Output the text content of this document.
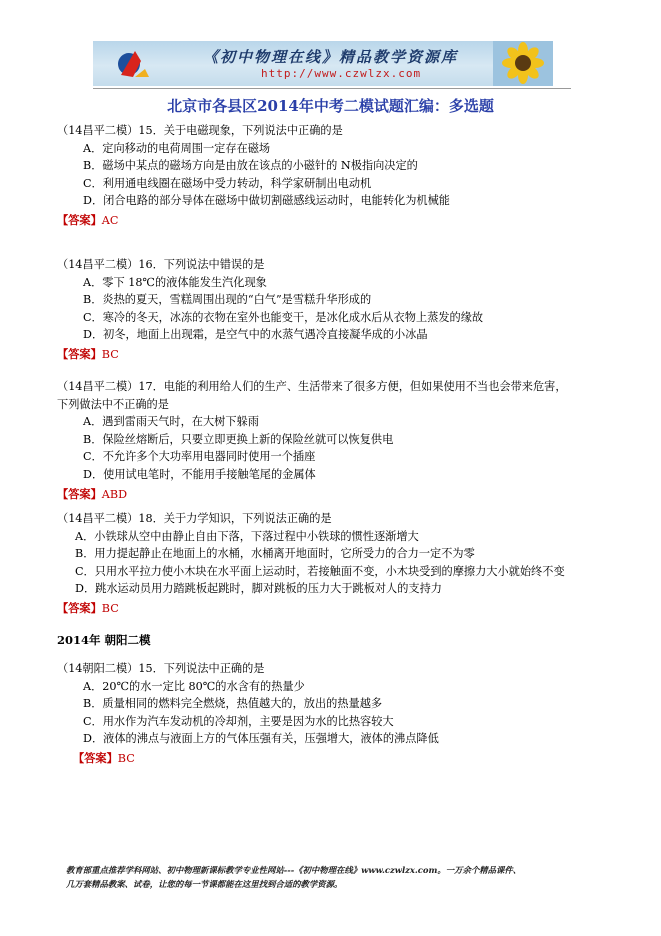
《初中物理在线》精品教学资源库
http://www.czwlzx.com
北京市各县区2014年中考二模试题汇编：多选题
（14昌平二模）15．关于电磁现象，下列说法中正确的是
A．定向移动的电荷周围一定存在磁场
B．磁场中某点的磁场方向是由放在该点的小磁针的 N极指向决定的
C．利用通电线圈在磁场中受力转动，科学家研制出电动机
D．闭合电路的部分导体在磁场中做切割磁感线运动时，电能转化为机械能
【答案】AC
（14昌平二模）16．下列说法中错误的是
A．零下 18℃的液体能发生汽化现象
B．炎热的夏天，雪糕周围出现的“白气”是雪糕升华形成的
C．寒冷的冬天，冰冻的衣物在室外也能变干，是冰化成水后从衣物上蒸发的缘故
D．初冬，地面上出现霜，是空气中的水蒸气遇冷直接凝华成的小冰晶
【答案】BC
（14昌平二模）17．电能的利用给人们的生产、生活带来了很多方便，但如果使用不当也会带来危害，
下列做法中不正确的是
A．遇到雷雨天气时，在大树下躲雨
B．保险丝熔断后，只要立即更换上新的保险丝就可以恢复供电
C．不允许多个大功率用电器同时使用一个插座
D．使用试电笔时，不能用手接触笔尾的金属体
【答案】ABD
（14昌平二模）18．关于力学知识，下列说法正确的是
A．小铁球从空中由静止自由下落，下落过程中小铁球的惯性逐渐增大
B．用力提起静止在地面上的水桶，水桶离开地面时，它所受力的合力一定不为零
C．只用水平拉力使小木块在水平面上运动时，若接触面不变，小木块受到的摩擦力大小就始终不变
D．跳水运动员用力踏跳板起跳时，脚对跳板的压力大于跳板对人的支持力
【答案】BC
2014年 朝阳二模
（14朝阳二模）15．下列说法中正确的是
A．20℃的水一定比 80℃的水含有的热量少
B．质量相同的燃料完全燃烧，热值越大的，放出的热量越多
C．用水作为汽车发动机的冷却剂，主要是因为水的比热容较大
D．液体的沸点与液面上方的气体压强有关，压强增大，液体的沸点降低
【答案】BC
教育部重点推荐学科网站、初中物理新课标教学专业性网站---《初中物理在线》www.czwlzx.com。一万余个精品课件、
几万套精品教案、试卷，让您的每一节课都能在这里找到合适的教学资源。
